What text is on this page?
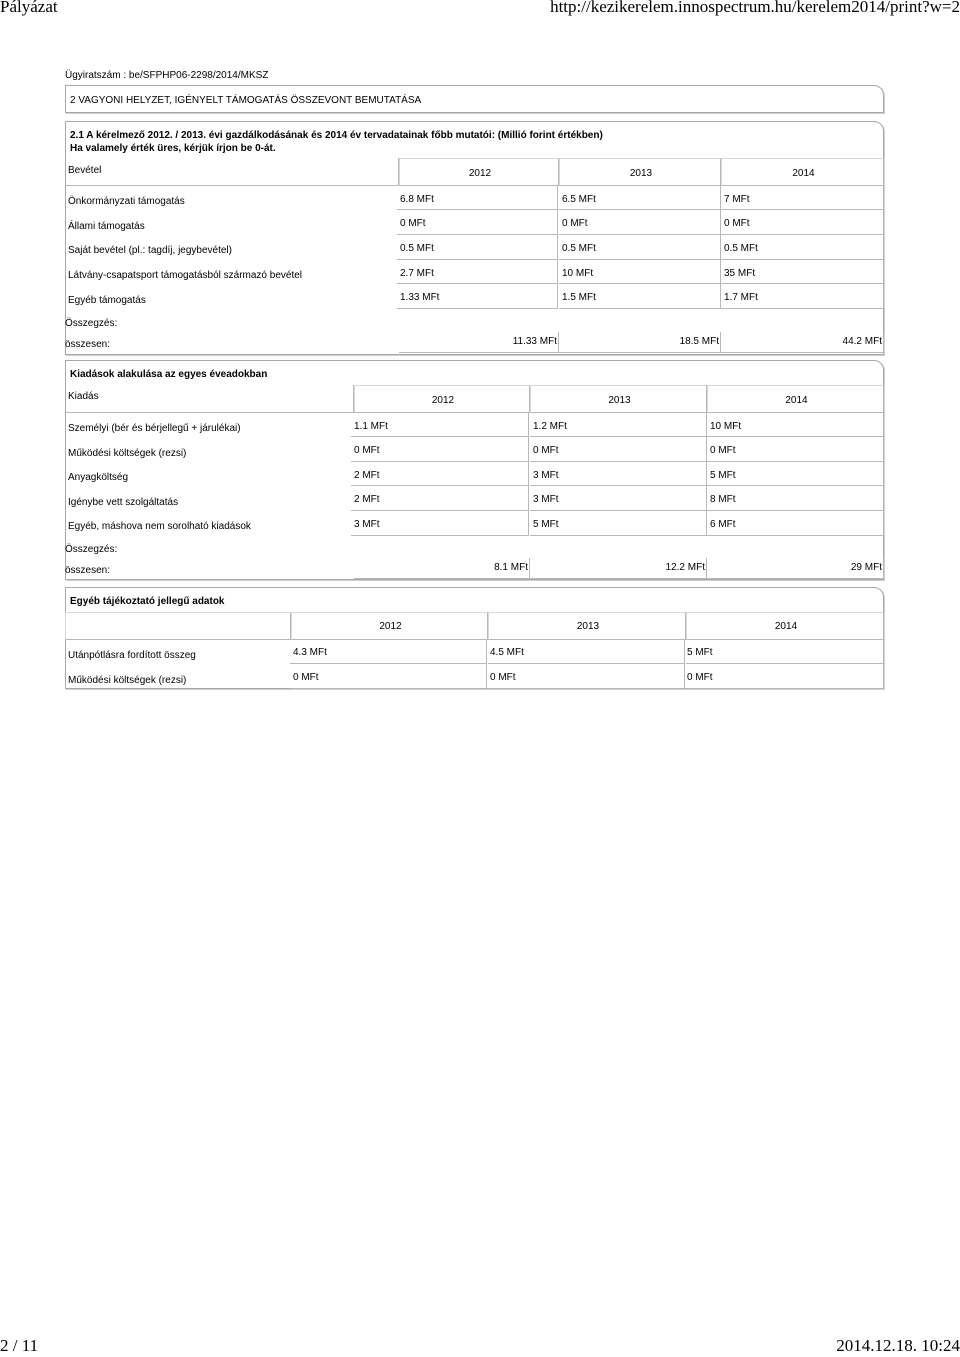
Pályázat	http://kezikerelem.innospectrum.hu/kerelem2014/print?w=2
Ügyiratszám : be/SFPHP06-2298/2014/MKSZ
2 VAGYONI HELYZET, IGÉNYELT TÁMOGATÁS ÖSSZEVONT BEMUTATÁSA
2.1 A kérelmező 2012. / 2013. évi gazdálkodásának és 2014 év tervadatainak főbb mutatói: (Millió forint értékben)
Ha valamely érték üres, kérjük írjon be 0-át.
Bevétel	2012	2013	2014
Önkormányzati támogatás	6.8 MFt	6.5 MFt	7 MFt
Állami támogatás	0 MFt	0 MFt	0 MFt
Saját bevétel (pl.: tagdíj, jegybevétel)	0.5 MFt	0.5 MFt	0.5 MFt
Látvány-csapatsport támogatásból származó bevétel	2.7 MFt	10 MFt	35 MFt
Egyéb támogatás	1.33 MFt	1.5 MFt	1.7 MFt
Összegzés:
összesen:	11.33 MFt	18.5 MFt	44.2 MFt
Kiadások alakulása az egyes éveadokban
Kiadás	2012	2013	2014
Személyi (bér és bérjellegű + járulékai)	1.1 MFt	1.2 MFt	10 MFt
Működési költségek (rezsi)	0 MFt	0 MFt	0 MFt
Anyagköltség	2 MFt	3 MFt	5 MFt
Igénybe vett szolgáltatás	2 MFt	3 MFt	8 MFt
Egyéb, máshova nem sorolható kiadások	3 MFt	5 MFt	6 MFt
Összegzés:
összesen:	8.1 MFt	12.2 MFt	29 MFt
Egyéb tájékoztató jellegű adatok
2012	2013	2014
Utánpótlásra fordított összeg	4.3 MFt	4.5 MFt	5 MFt
Működési költségek (rezsi)	0 MFt	0 MFt	0 MFt
2 / 11	2014.12.18. 10:24
